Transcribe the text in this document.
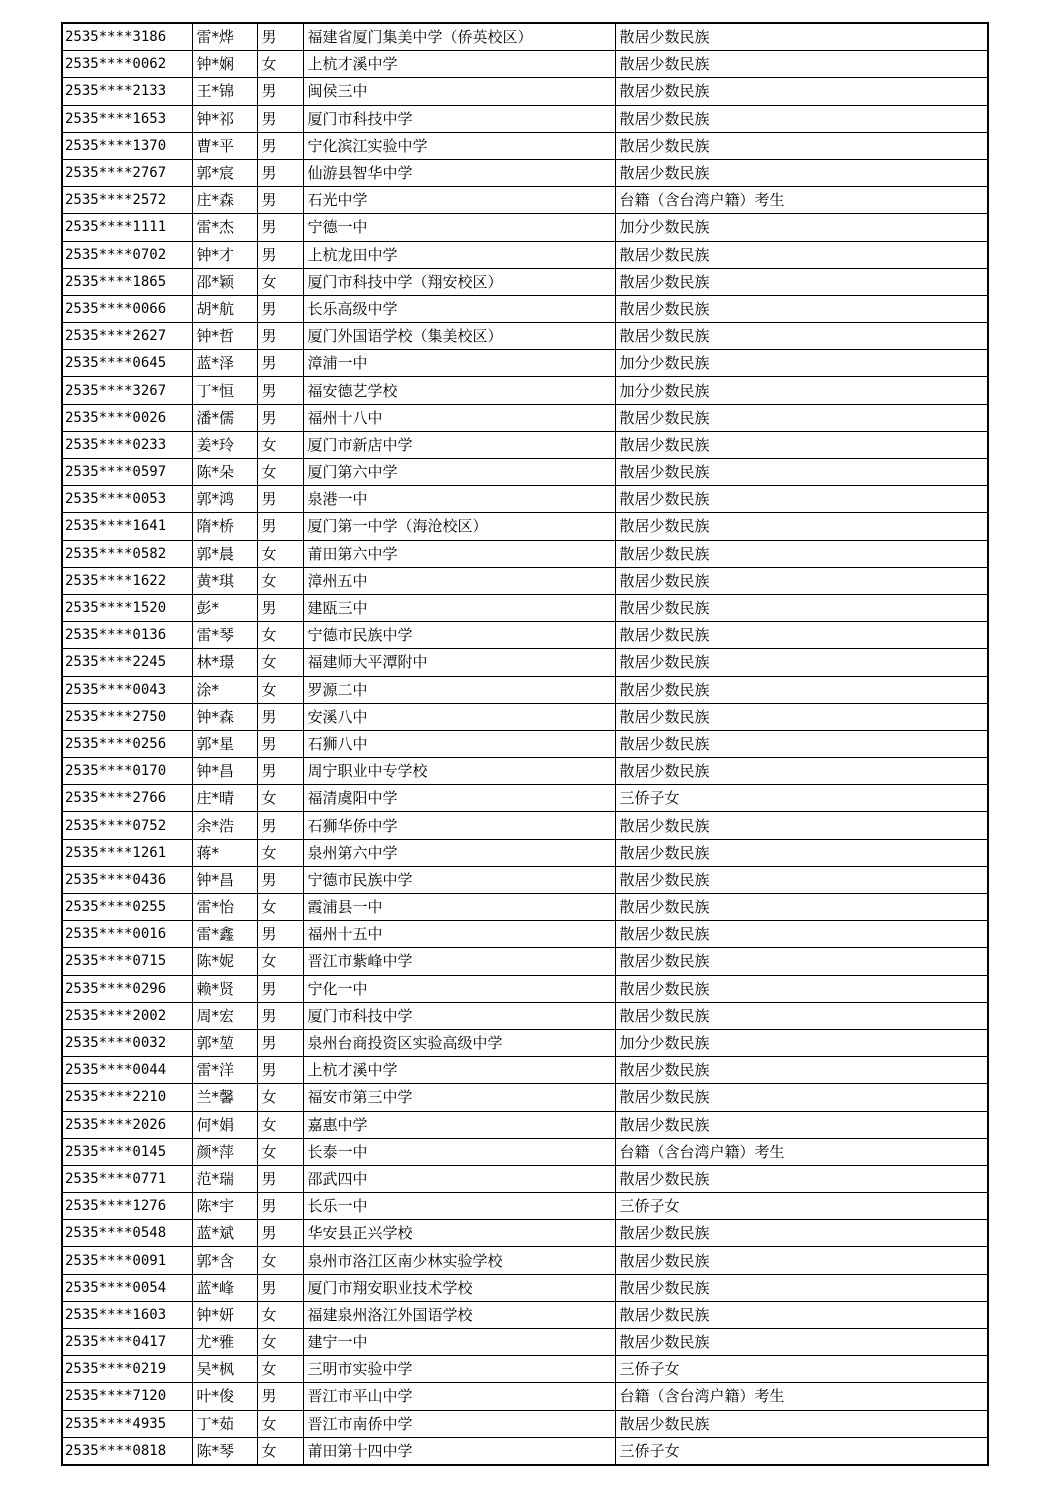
2535****3186	雷*烨	男	福建省厦门集美中学（侨英校区）	散居少数民族
2535****0062	钟*娴	女	上杭才溪中学	散居少数民族
2535****2133	王*锦	男	闽侯三中	散居少数民族
2535****1653	钟*祁	男	厦门市科技中学	散居少数民族
2535****1370	曹*平	男	宁化滨江实验中学	散居少数民族
2535****2767	郭*宸	男	仙游县智华中学	散居少数民族
2535****2572	庄*森	男	石光中学	台籍（含台湾户籍）考生
2535****1111	雷*杰	男	宁德一中	加分少数民族
2535****0702	钟*才	男	上杭龙田中学	散居少数民族
2535****1865	邵*颖	女	厦门市科技中学（翔安校区）	散居少数民族
2535****0066	胡*航	男	长乐高级中学	散居少数民族
2535****2627	钟*哲	男	厦门外国语学校（集美校区）	散居少数民族
2535****0645	蓝*泽	男	漳浦一中	加分少数民族
2535****3267	丁*恒	男	福安德艺学校	加分少数民族
2535****0026	潘*儒	男	福州十八中	散居少数民族
2535****0233	姜*玲	女	厦门市新店中学	散居少数民族
2535****0597	陈*朵	女	厦门第六中学	散居少数民族
2535****0053	郭*鸿	男	泉港一中	散居少数民族
2535****1641	隋*桥	男	厦门第一中学（海沧校区）	散居少数民族
2535****0582	郭*晨	女	莆田第六中学	散居少数民族
2535****1622	黄*琪	女	漳州五中	散居少数民族
2535****1520	彭*	男	建瓯三中	散居少数民族
2535****0136	雷*琴	女	宁德市民族中学	散居少数民族
2535****2245	林*璟	女	福建师大平潭附中	散居少数民族
2535****0043	涂*	女	罗源二中	散居少数民族
2535****2750	钟*森	男	安溪八中	散居少数民族
2535****0256	郭*星	男	石狮八中	散居少数民族
2535****0170	钟*昌	男	周宁职业中专学校	散居少数民族
2535****2766	庄*晴	女	福清虞阳中学	三侨子女
2535****0752	余*浩	男	石狮华侨中学	散居少数民族
2535****1261	蒋*	女	泉州第六中学	散居少数民族
2535****0436	钟*昌	男	宁德市民族中学	散居少数民族
2535****0255	雷*怡	女	霞浦县一中	散居少数民族
2535****0016	雷*鑫	男	福州十五中	散居少数民族
2535****0715	陈*妮	女	晋江市紫峰中学	散居少数民族
2535****0296	赖*贤	男	宁化一中	散居少数民族
2535****2002	周*宏	男	厦门市科技中学	散居少数民族
2535****0032	郭*堃	男	泉州台商投资区实验高级中学	加分少数民族
2535****0044	雷*洋	男	上杭才溪中学	散居少数民族
2535****2210	兰*馨	女	福安市第三中学	散居少数民族
2535****2026	何*娟	女	嘉惠中学	散居少数民族
2535****0145	颜*萍	女	长泰一中	台籍（含台湾户籍）考生
2535****0771	范*瑞	男	邵武四中	散居少数民族
2535****1276	陈*宇	男	长乐一中	三侨子女
2535****0548	蓝*斌	男	华安县正兴学校	散居少数民族
2535****0091	郭*含	女	泉州市洛江区南少林实验学校	散居少数民族
2535****0054	蓝*峰	男	厦门市翔安职业技术学校	散居少数民族
2535****1603	钟*妍	女	福建泉州洛江外国语学校	散居少数民族
2535****0417	尤*雅	女	建宁一中	散居少数民族
2535****0219	吴*枫	女	三明市实验中学	三侨子女
2535****7120	叶*俊	男	晋江市平山中学	台籍（含台湾户籍）考生
2535****4935	丁*茹	女	晋江市南侨中学	散居少数民族
2535****0818	陈*琴	女	莆田第十四中学	三侨子女
